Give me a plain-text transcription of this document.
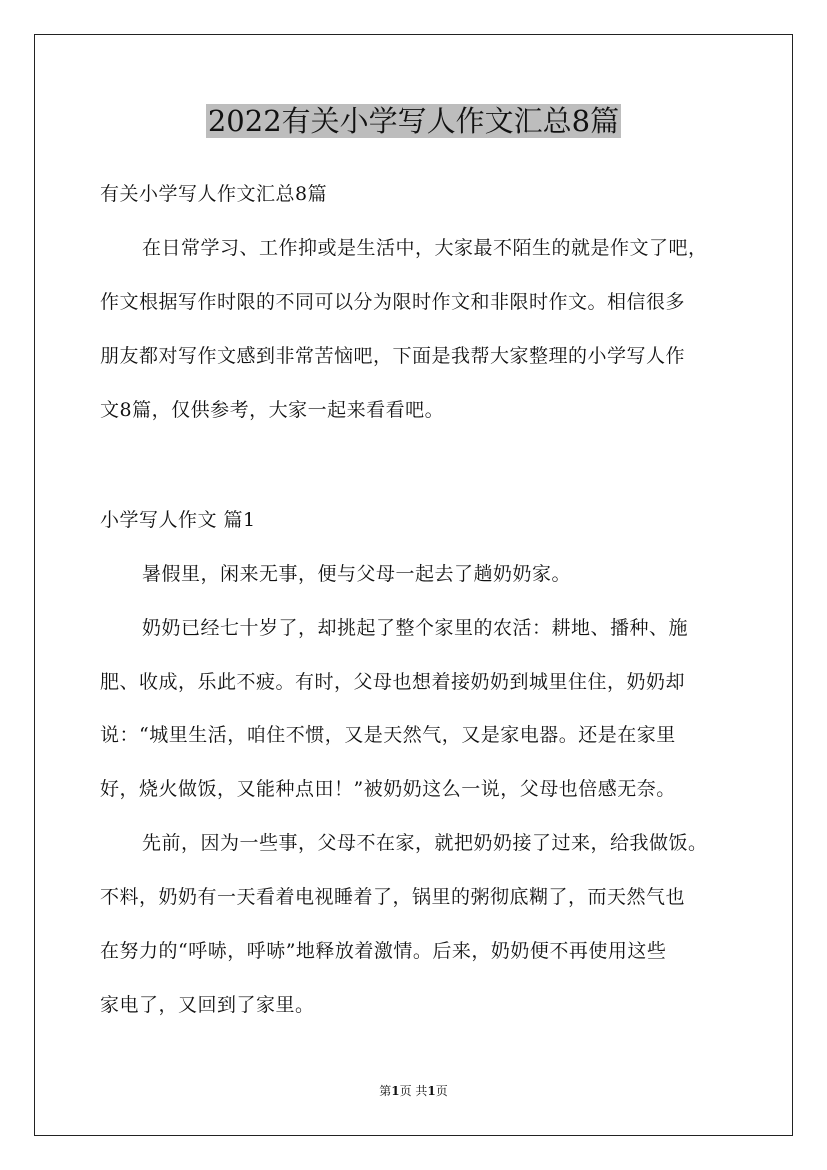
2022有关小学写人作文汇总8篇
有关小学写人作文汇总8篇
在日常学习、工作抑或是生活中，大家最不陌生的就是作文了吧，
作文根据写作时限的不同可以分为限时作文和非限时作文。相信很多
朋友都对写作文感到非常苦恼吧，下面是我帮大家整理的小学写人作
文8篇，仅供参考，大家一起来看看吧。
小学写人作文 篇1
暑假里，闲来无事，便与父母一起去了趟奶奶家。
奶奶已经七十岁了，却挑起了整个家里的农活：耕地、播种、施
肥、收成，乐此不疲。有时，父母也想着接奶奶到城里住住，奶奶却
说：“城里生活，咱住不惯，又是天然气，又是家电器。还是在家里
好，烧火做饭，又能种点田！”被奶奶这么一说，父母也倍感无奈。
先前，因为一些事，父母不在家，就把奶奶接了过来，给我做饭。
不料，奶奶有一天看着电视睡着了，锅里的粥彻底糊了，而天然气也
在努力的“呼哧，呼哧”地释放着激情。后来，奶奶便不再使用这些
家电了，又回到了家里。
第1页 共1页
